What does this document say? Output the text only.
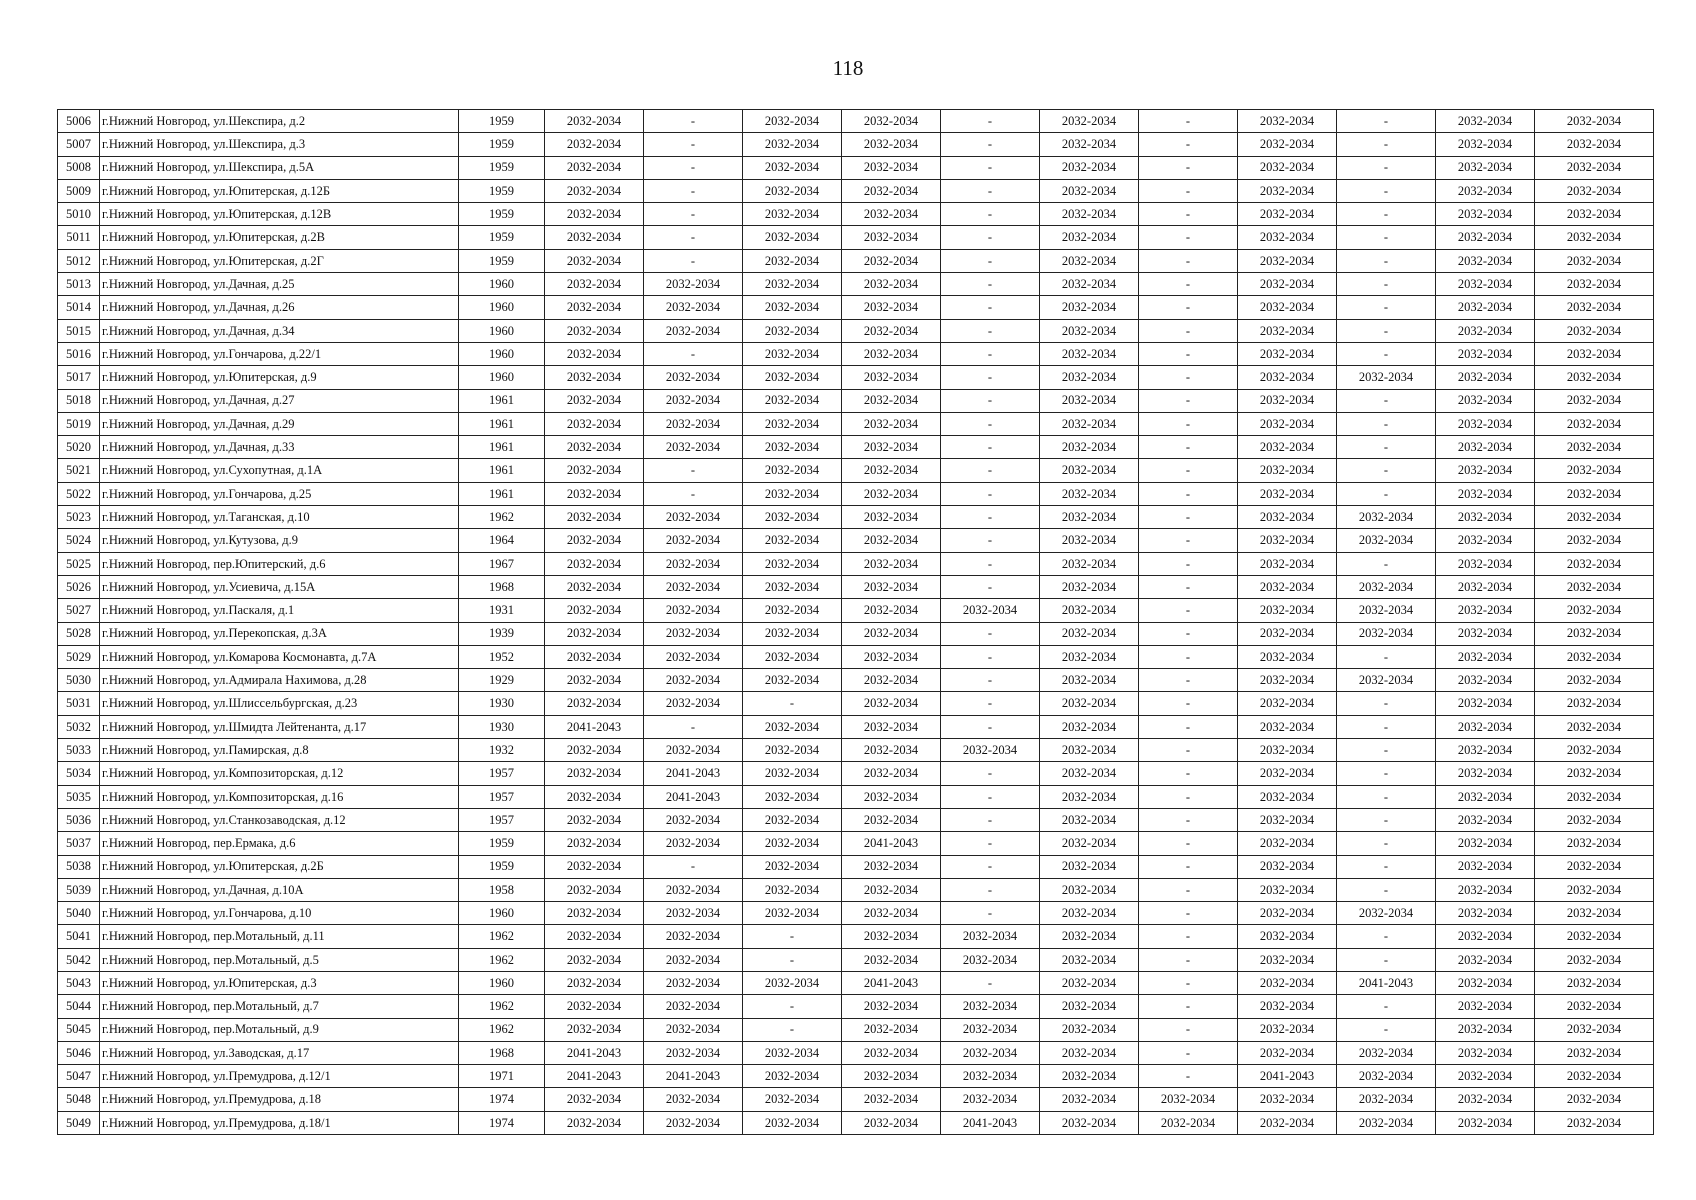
118
5006	г.Нижний Новгород, ул.Шекспира, д.2	1959	2032-2034	-	2032-2034	2032-2034	-	2032-2034	-	2032-2034	-	2032-2034	2032-2034
5007	г.Нижний Новгород, ул.Шекспира, д.3	1959	2032-2034	-	2032-2034	2032-2034	-	2032-2034	-	2032-2034	-	2032-2034	2032-2034
5008	г.Нижний Новгород, ул.Шекспира, д.5А	1959	2032-2034	-	2032-2034	2032-2034	-	2032-2034	-	2032-2034	-	2032-2034	2032-2034
5009	г.Нижний Новгород, ул.Юпитерская, д.12Б	1959	2032-2034	-	2032-2034	2032-2034	-	2032-2034	-	2032-2034	-	2032-2034	2032-2034
5010	г.Нижний Новгород, ул.Юпитерская, д.12В	1959	2032-2034	-	2032-2034	2032-2034	-	2032-2034	-	2032-2034	-	2032-2034	2032-2034
5011	г.Нижний Новгород, ул.Юпитерская, д.2В	1959	2032-2034	-	2032-2034	2032-2034	-	2032-2034	-	2032-2034	-	2032-2034	2032-2034
5012	г.Нижний Новгород, ул.Юпитерская, д.2Г	1959	2032-2034	-	2032-2034	2032-2034	-	2032-2034	-	2032-2034	-	2032-2034	2032-2034
5013	г.Нижний Новгород, ул.Дачная, д.25	1960	2032-2034	2032-2034	2032-2034	2032-2034	-	2032-2034	-	2032-2034	-	2032-2034	2032-2034
5014	г.Нижний Новгород, ул.Дачная, д.26	1960	2032-2034	2032-2034	2032-2034	2032-2034	-	2032-2034	-	2032-2034	-	2032-2034	2032-2034
5015	г.Нижний Новгород, ул.Дачная, д.34	1960	2032-2034	2032-2034	2032-2034	2032-2034	-	2032-2034	-	2032-2034	-	2032-2034	2032-2034
5016	г.Нижний Новгород, ул.Гончарова, д.22/1	1960	2032-2034	-	2032-2034	2032-2034	-	2032-2034	-	2032-2034	-	2032-2034	2032-2034
5017	г.Нижний Новгород, ул.Юпитерская, д.9	1960	2032-2034	2032-2034	2032-2034	2032-2034	-	2032-2034	-	2032-2034	2032-2034	2032-2034	2032-2034
5018	г.Нижний Новгород, ул.Дачная, д.27	1961	2032-2034	2032-2034	2032-2034	2032-2034	-	2032-2034	-	2032-2034	-	2032-2034	2032-2034
5019	г.Нижний Новгород, ул.Дачная, д.29	1961	2032-2034	2032-2034	2032-2034	2032-2034	-	2032-2034	-	2032-2034	-	2032-2034	2032-2034
5020	г.Нижний Новгород, ул.Дачная, д.33	1961	2032-2034	2032-2034	2032-2034	2032-2034	-	2032-2034	-	2032-2034	-	2032-2034	2032-2034
5021	г.Нижний Новгород, ул.Сухопутная, д.1А	1961	2032-2034	-	2032-2034	2032-2034	-	2032-2034	-	2032-2034	-	2032-2034	2032-2034
5022	г.Нижний Новгород, ул.Гончарова, д.25	1961	2032-2034	-	2032-2034	2032-2034	-	2032-2034	-	2032-2034	-	2032-2034	2032-2034
5023	г.Нижний Новгород, ул.Таганская, д.10	1962	2032-2034	2032-2034	2032-2034	2032-2034	-	2032-2034	-	2032-2034	2032-2034	2032-2034	2032-2034
5024	г.Нижний Новгород, ул.Кутузова, д.9	1964	2032-2034	2032-2034	2032-2034	2032-2034	-	2032-2034	-	2032-2034	2032-2034	2032-2034	2032-2034
5025	г.Нижний Новгород, пер.Юпитерский, д.6	1967	2032-2034	2032-2034	2032-2034	2032-2034	-	2032-2034	-	2032-2034	-	2032-2034	2032-2034
5026	г.Нижний Новгород, ул.Усиевича, д.15А	1968	2032-2034	2032-2034	2032-2034	2032-2034	-	2032-2034	-	2032-2034	2032-2034	2032-2034	2032-2034
5027	г.Нижний Новгород, ул.Паскаля, д.1	1931	2032-2034	2032-2034	2032-2034	2032-2034	2032-2034	2032-2034	-	2032-2034	2032-2034	2032-2034	2032-2034
5028	г.Нижний Новгород, ул.Перекопская, д.3А	1939	2032-2034	2032-2034	2032-2034	2032-2034	-	2032-2034	-	2032-2034	2032-2034	2032-2034	2032-2034
5029	г.Нижний Новгород, ул.Комарова Космонавта, д.7А	1952	2032-2034	2032-2034	2032-2034	2032-2034	-	2032-2034	-	2032-2034	-	2032-2034	2032-2034
5030	г.Нижний Новгород, ул.Адмирала Нахимова, д.28	1929	2032-2034	2032-2034	2032-2034	2032-2034	-	2032-2034	-	2032-2034	2032-2034	2032-2034	2032-2034
5031	г.Нижний Новгород, ул.Шлиссельбургская, д.23	1930	2032-2034	2032-2034	-	2032-2034	-	2032-2034	-	2032-2034	-	2032-2034	2032-2034
5032	г.Нижний Новгород, ул.Шмидта Лейтенанта, д.17	1930	2041-2043	-	2032-2034	2032-2034	-	2032-2034	-	2032-2034	-	2032-2034	2032-2034
5033	г.Нижний Новгород, ул.Памирская, д.8	1932	2032-2034	2032-2034	2032-2034	2032-2034	2032-2034	2032-2034	-	2032-2034	-	2032-2034	2032-2034
5034	г.Нижний Новгород, ул.Композиторская, д.12	1957	2032-2034	2041-2043	2032-2034	2032-2034	-	2032-2034	-	2032-2034	-	2032-2034	2032-2034
5035	г.Нижний Новгород, ул.Композиторская, д.16	1957	2032-2034	2041-2043	2032-2034	2032-2034	-	2032-2034	-	2032-2034	-	2032-2034	2032-2034
5036	г.Нижний Новгород, ул.Станкозаводская, д.12	1957	2032-2034	2032-2034	2032-2034	2032-2034	-	2032-2034	-	2032-2034	-	2032-2034	2032-2034
5037	г.Нижний Новгород, пер.Ермака, д.6	1959	2032-2034	2032-2034	2032-2034	2041-2043	-	2032-2034	-	2032-2034	-	2032-2034	2032-2034
5038	г.Нижний Новгород, ул.Юпитерская, д.2Б	1959	2032-2034	-	2032-2034	2032-2034	-	2032-2034	-	2032-2034	-	2032-2034	2032-2034
5039	г.Нижний Новгород, ул.Дачная, д.10А	1958	2032-2034	2032-2034	2032-2034	2032-2034	-	2032-2034	-	2032-2034	-	2032-2034	2032-2034
5040	г.Нижний Новгород, ул.Гончарова, д.10	1960	2032-2034	2032-2034	2032-2034	2032-2034	-	2032-2034	-	2032-2034	2032-2034	2032-2034	2032-2034
5041	г.Нижний Новгород, пер.Мотальный, д.11	1962	2032-2034	2032-2034	-	2032-2034	2032-2034	2032-2034	-	2032-2034	-	2032-2034	2032-2034
5042	г.Нижний Новгород, пер.Мотальный, д.5	1962	2032-2034	2032-2034	-	2032-2034	2032-2034	2032-2034	-	2032-2034	-	2032-2034	2032-2034
5043	г.Нижний Новгород, ул.Юпитерская, д.3	1960	2032-2034	2032-2034	2032-2034	2041-2043	-	2032-2034	-	2032-2034	2041-2043	2032-2034	2032-2034
5044	г.Нижний Новгород, пер.Мотальный, д.7	1962	2032-2034	2032-2034	-	2032-2034	2032-2034	2032-2034	-	2032-2034	-	2032-2034	2032-2034
5045	г.Нижний Новгород, пер.Мотальный, д.9	1962	2032-2034	2032-2034	-	2032-2034	2032-2034	2032-2034	-	2032-2034	-	2032-2034	2032-2034
5046	г.Нижний Новгород, ул.Заводская, д.17	1968	2041-2043	2032-2034	2032-2034	2032-2034	2032-2034	2032-2034	-	2032-2034	2032-2034	2032-2034	2032-2034
5047	г.Нижний Новгород, ул.Премудрова, д.12/1	1971	2041-2043	2041-2043	2032-2034	2032-2034	2032-2034	2032-2034	-	2041-2043	2032-2034	2032-2034	2032-2034
5048	г.Нижний Новгород, ул.Премудрова, д.18	1974	2032-2034	2032-2034	2032-2034	2032-2034	2032-2034	2032-2034	2032-2034	2032-2034	2032-2034	2032-2034	2032-2034
5049	г.Нижний Новгород, ул.Премудрова, д.18/1	1974	2032-2034	2032-2034	2032-2034	2032-2034	2041-2043	2032-2034	2032-2034	2032-2034	2032-2034	2032-2034	2032-2034
